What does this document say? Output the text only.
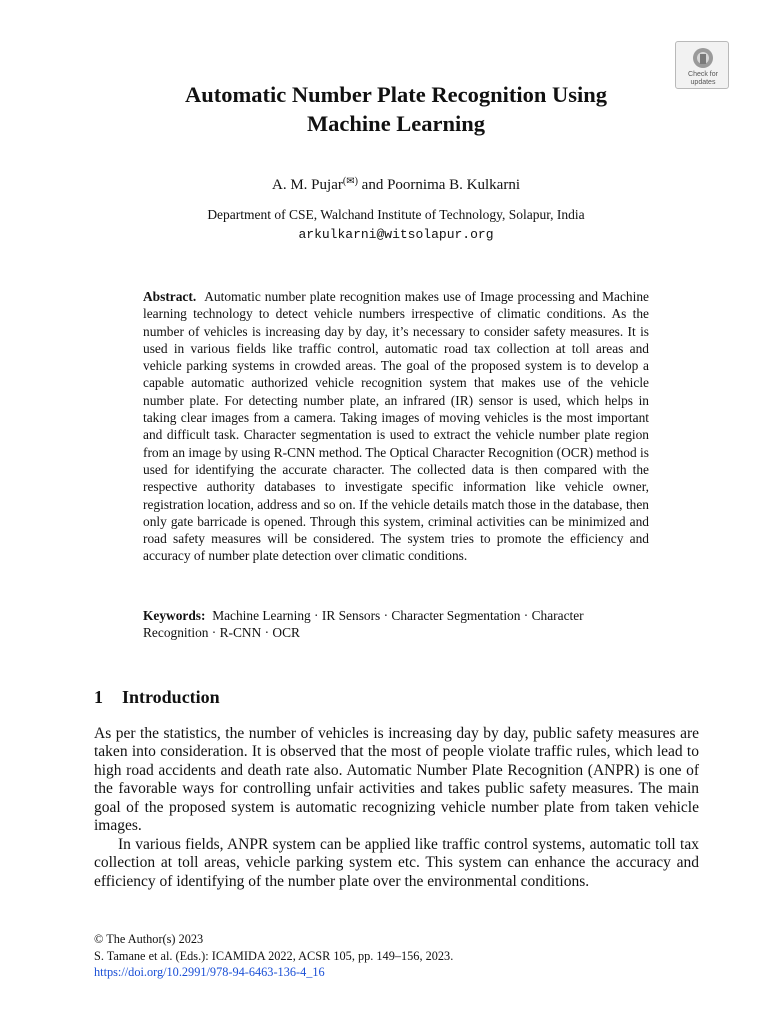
Check for
updates
Automatic Number Plate Recognition Using
Machine Learning
A. M. Pujar(✉) and Poornima B. Kulkarni
Department of CSE, Walchand Institute of Technology, Solapur, India
arkulkarni@witsolapur.org

Abstract. Automatic number plate recognition makes use of Image processing and Machine learning technology to detect vehicle numbers irrespective of climatic conditions. As the number of vehicles is increasing day by day, it’s necessary to consider safety measures. It is used in various fields like traffic control, automatic road tax collection at toll areas and vehicle parking systems in crowded areas. The goal of the proposed system is to develop a capable automatic authorized vehicle recognition system that makes use of the vehicle number plate. For detecting number plate, an infrared (IR) sensor is used, which helps in taking clear images from a camera. Taking images of moving vehicles is the most important and difficult task. Character segmentation is used to extract the vehicle number plate region from an image by using R-CNN method. The Optical Character Recognition (OCR) method is used for identifying the accurate character. The collected data is then compared with the respective authority databases to investigate specific information like vehicle owner, registration location, address and so on. If the vehicle details match those in the database, then only gate barricade is opened. Through this system, criminal activities can be minimized and road safety measures will be considered. The system tries to promote the efficiency and accuracy of number plate detection over climatic conditions.

Keywords: Machine Learning · IR Sensors · Character Segmentation · Character Recognition · R-CNN · OCR

1 Introduction

As per the statistics, the number of vehicles is increasing day by day, public safety measures are taken into consideration. It is observed that the most of people violate traffic rules, which lead to high road accidents and death rate also. Automatic Number Plate Recognition (ANPR) is one of the favorable ways for controlling unfair activities and takes public safety measures. The main goal of the proposed system is automatic recognizing vehicle number plate from taken vehicle images.

In various fields, ANPR system can be applied like traffic control systems, automatic toll tax collection at toll areas, vehicle parking system etc. This system can enhance the accuracy and efficiency of identifying of the number plate over the environmental conditions.

© The Author(s) 2023
S. Tamane et al. (Eds.): ICAMIDA 2022, ACSR 105, pp. 149–156, 2023.
https://doi.org/10.2991/978-94-6463-136-4_16
